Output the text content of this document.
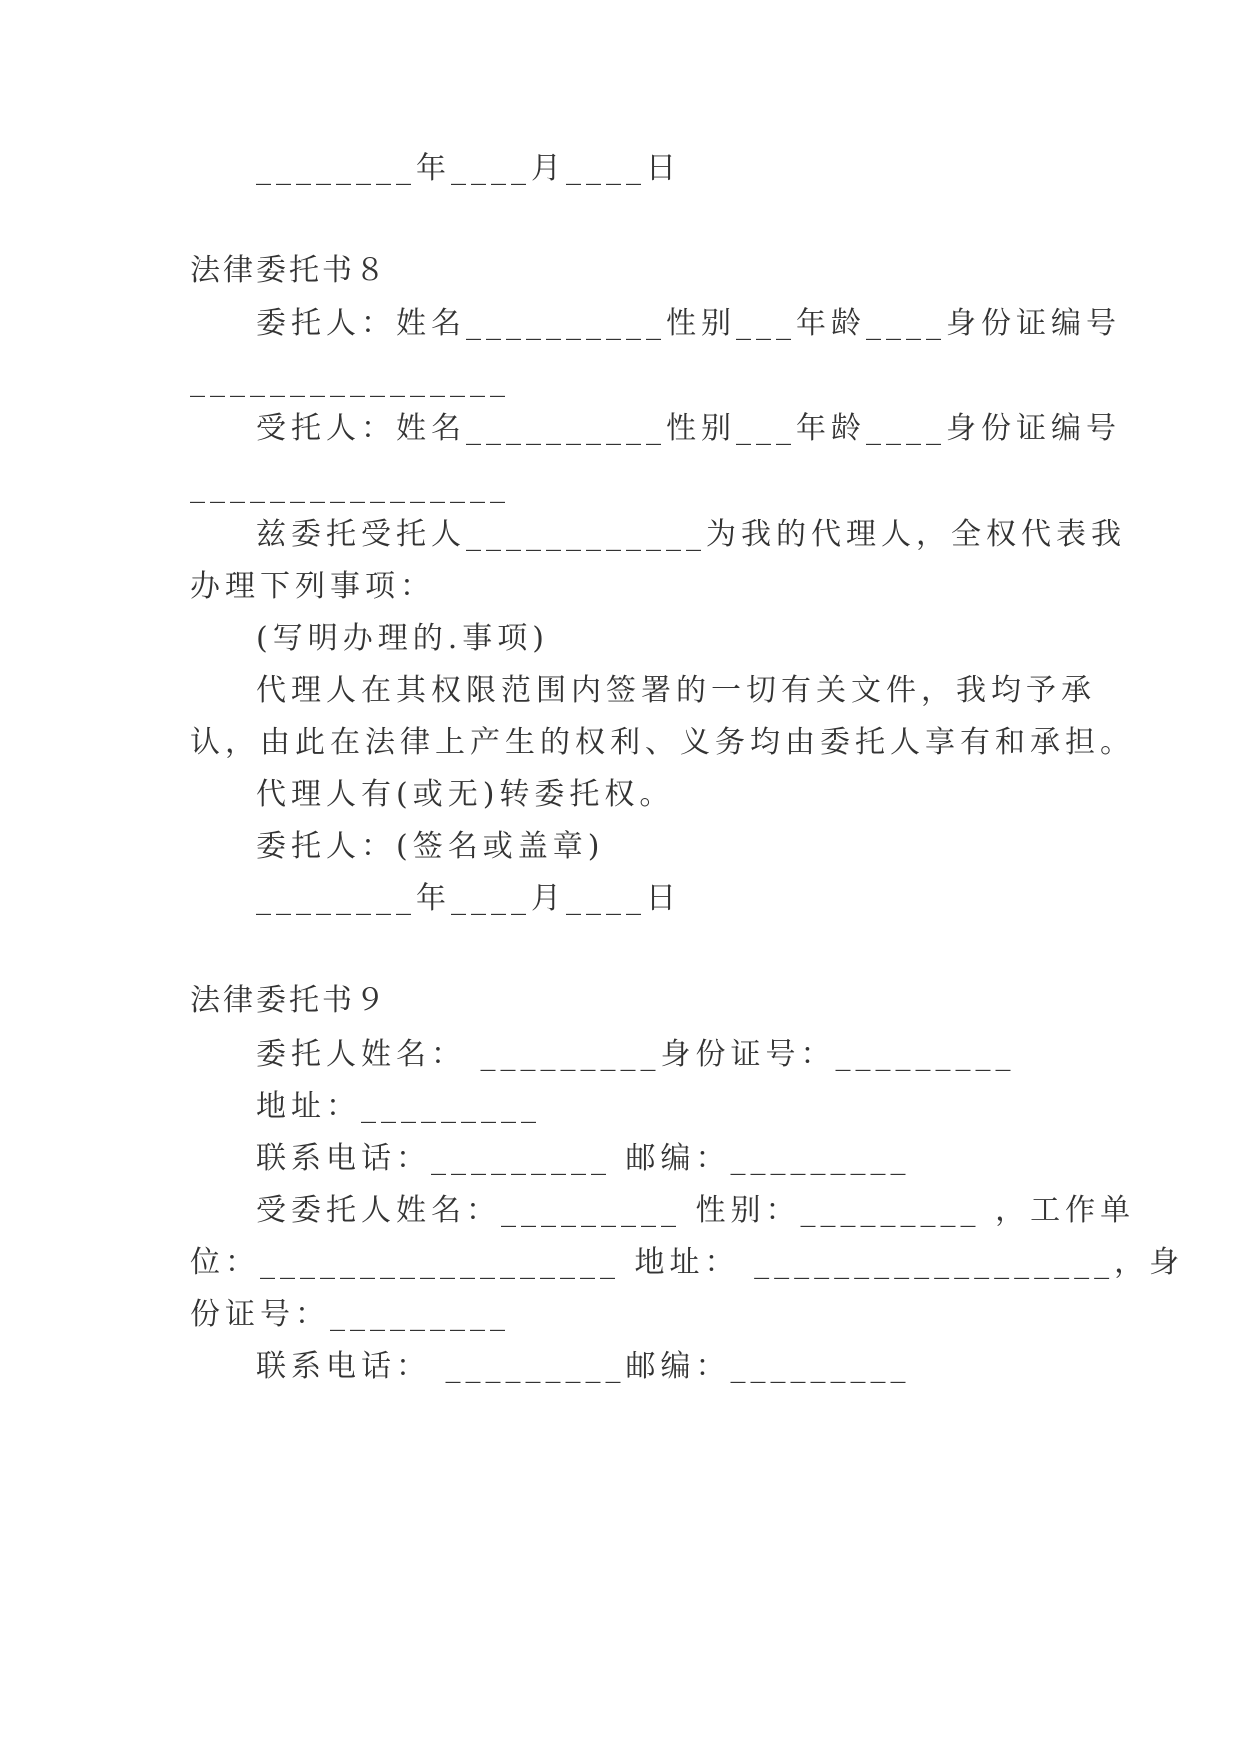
________年____月____日
法律委托书８
委托人：姓名__________性别___年龄____身份证编号
________________
受托人：姓名__________性别___年龄____身份证编号
________________
兹委托受托人____________为我的代理人，全权代表我
办理下列事项：
(写明办理的.事项)
代理人在其权限范围内签署的一切有关文件，我均予承
认，由此在法律上产生的权利、义务均由委托人享有和承担。
代理人有(或无)转委托权。
委托人：(签名或盖章)
________年____月____日
法律委托书９
委托人姓名： _________身份证号：_________
地址：_________
联系电话：_________ 邮编：_________
受委托人姓名：_________ 性别：_________ ，工作单
位：__________________ 地址： __________________，身
份证号：_________
联系电话： _________邮编：_________
